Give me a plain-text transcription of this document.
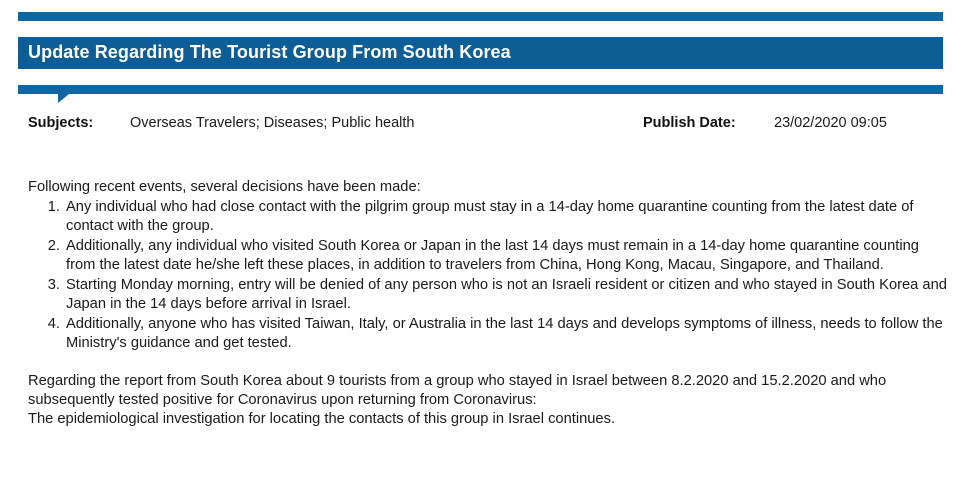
Update Regarding The Tourist Group From South Korea
Subjects:	Overseas Travelers; Diseases; Public health	Publish Date:	23/02/2020 09:05

Following recent events, several decisions have been made:

Any individual who had close contact with the pilgrim group must stay in a 14-day home quarantine counting from the latest date of contact with the group.
Additionally, any individual who visited South Korea or Japan in the last 14 days must remain in a 14-day home quarantine counting from the latest date he/she left these places, in addition to travelers from China, Hong Kong, Macau, Singapore, and Thailand.
Starting Monday morning, entry will be denied of any person who is not an Israeli resident or citizen and who stayed in South Korea and Japan in the 14 days before arrival in Israel.
Additionally, anyone who has visited Taiwan, Italy, or Australia in the last 14 days and develops symptoms of illness, needs to follow the Ministry's guidance and get tested.

Regarding the report from South Korea about 9 tourists from a group who stayed in Israel between 8.2.2020 and 15.2.2020 and who subsequently tested positive for Coronavirus upon returning from Coronavirus:

The epidemiological investigation for locating the contacts of this group in Israel continues.
